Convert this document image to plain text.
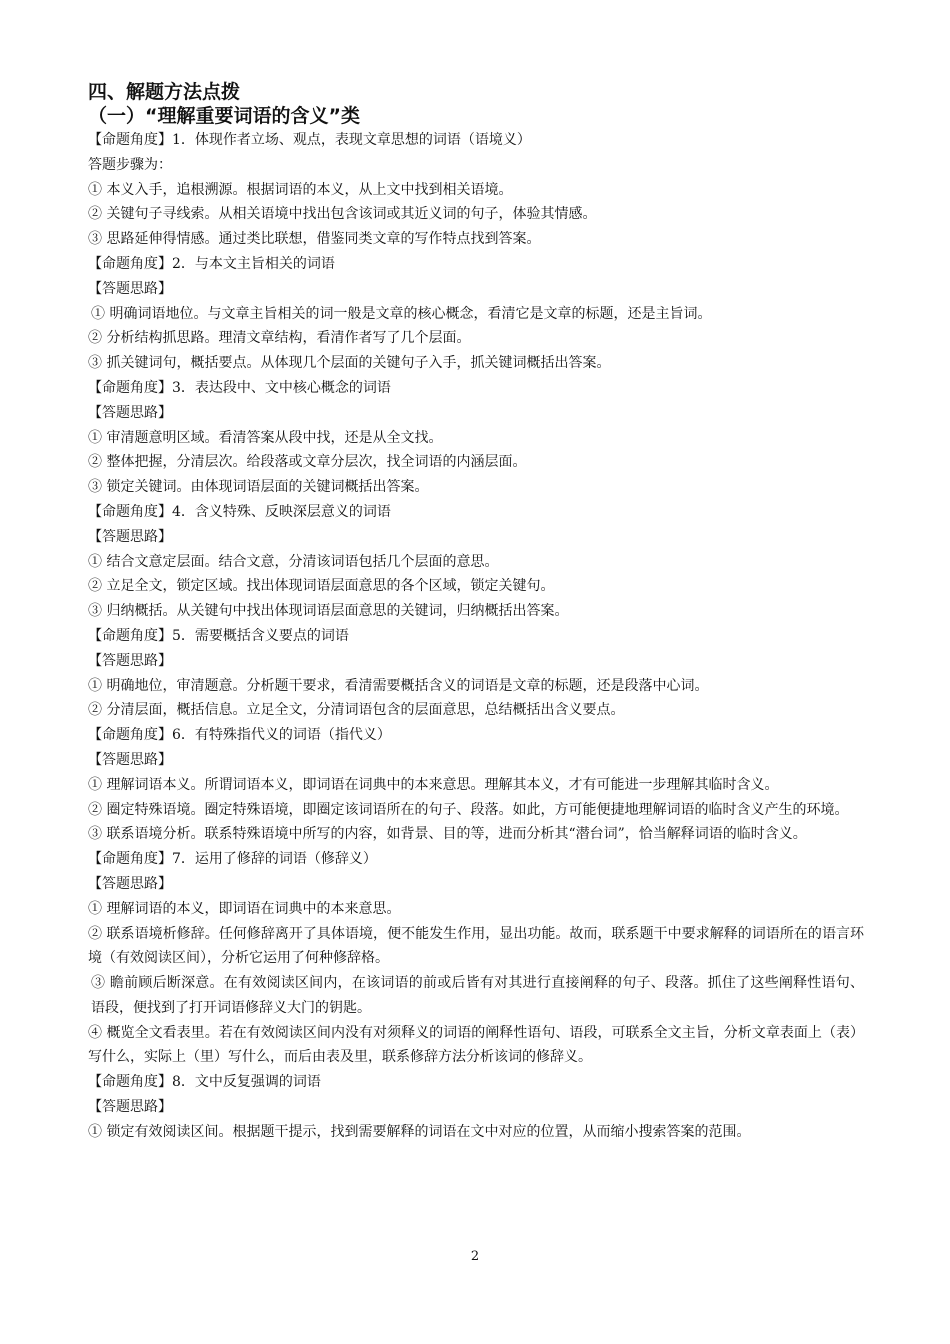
四、解题方法点拨

（一）“理解重要词语的含义”类

【命题角度】1．体现作者立场、观点，表现文章思想的词语（语境义）

答题步骤为：

① 本义入手，追根溯源。根据词语的本义，从上文中找到相关语境。

② 关键句子寻线索。从相关语境中找出包含该词或其近义词的句子，体验其情感。

③ 思路延伸得情感。通过类比联想，借鉴同类文章的写作特点找到答案。

【命题角度】2．与本文主旨相关的词语

【答题思路】

① 明确词语地位。与文章主旨相关的词一般是文章的核心概念，看清它是文章的标题，还是主旨词。

② 分析结构抓思路。理清文章结构，看清作者写了几个层面。

③ 抓关键词句，概括要点。从体现几个层面的关键句子入手，抓关键词概括出答案。

【命题角度】3．表达段中、文中核心概念的词语

【答题思路】

① 审清题意明区域。看清答案从段中找，还是从全文找。

② 整体把握，分清层次。给段落或文章分层次，找全词语的内涵层面。

③ 锁定关键词。由体现词语层面的关键词概括出答案。

【命题角度】4．含义特殊、反映深层意义的词语

【答题思路】

① 结合文意定层面。结合文意，分清该词语包括几个层面的意思。

② 立足全文，锁定区域。找出体现词语层面意思的各个区域，锁定关键句。

③ 归纳概括。从关键句中找出体现词语层面意思的关键词，归纳概括出答案。

【命题角度】5．需要概括含义要点的词语

【答题思路】

① 明确地位，审清题意。分析题干要求，看清需要概括含义的词语是文章的标题，还是段落中心词。

② 分清层面，概括信息。立足全文，分清词语包含的层面意思，总结概括出含义要点。

【命题角度】6．有特殊指代义的词语（指代义）

【答题思路】

① 理解词语本义。所谓词语本义，即词语在词典中的本来意思。理解其本义，才有可能进一步理解其临时含义。

② 圈定特殊语境。圈定特殊语境，即圈定该词语所在的句子、段落。如此，方可能便捷地理解词语的临时含义产生的环境。

③ 联系语境分析。联系特殊语境中所写的内容，如背景、目的等，进而分析其“潜台词”，恰当解释词语的临时含义。

【命题角度】7．运用了修辞的词语（修辞义）

【答题思路】

① 理解词语的本义，即词语在词典中的本来意思。

② 联系语境析修辞。任何修辞离开了具体语境，便不能发生作用，显出功能。故而，联系题干中要求解释的词语所在的语言环境（有效阅读区间），分析它运用了何种修辞格。

③ 瞻前顾后断深意。在有效阅读区间内，在该词语的前或后皆有对其进行直接阐释的句子、段落。抓住了这些阐释性语句、语段，便找到了打开词语修辞义大门的钥匙。

④ 概览全文看表里。若在有效阅读区间内没有对须释义的词语的阐释性语句、语段，可联系全文主旨，分析文章表面上（表）写什么，实际上（里）写什么，而后由表及里，联系修辞方法分析该词的修辞义。

【命题角度】8．文中反复强调的词语

【答题思路】

① 锁定有效阅读区间。根据题干提示，找到需要解释的词语在文中对应的位置，从而缩小搜索答案的范围。

2
